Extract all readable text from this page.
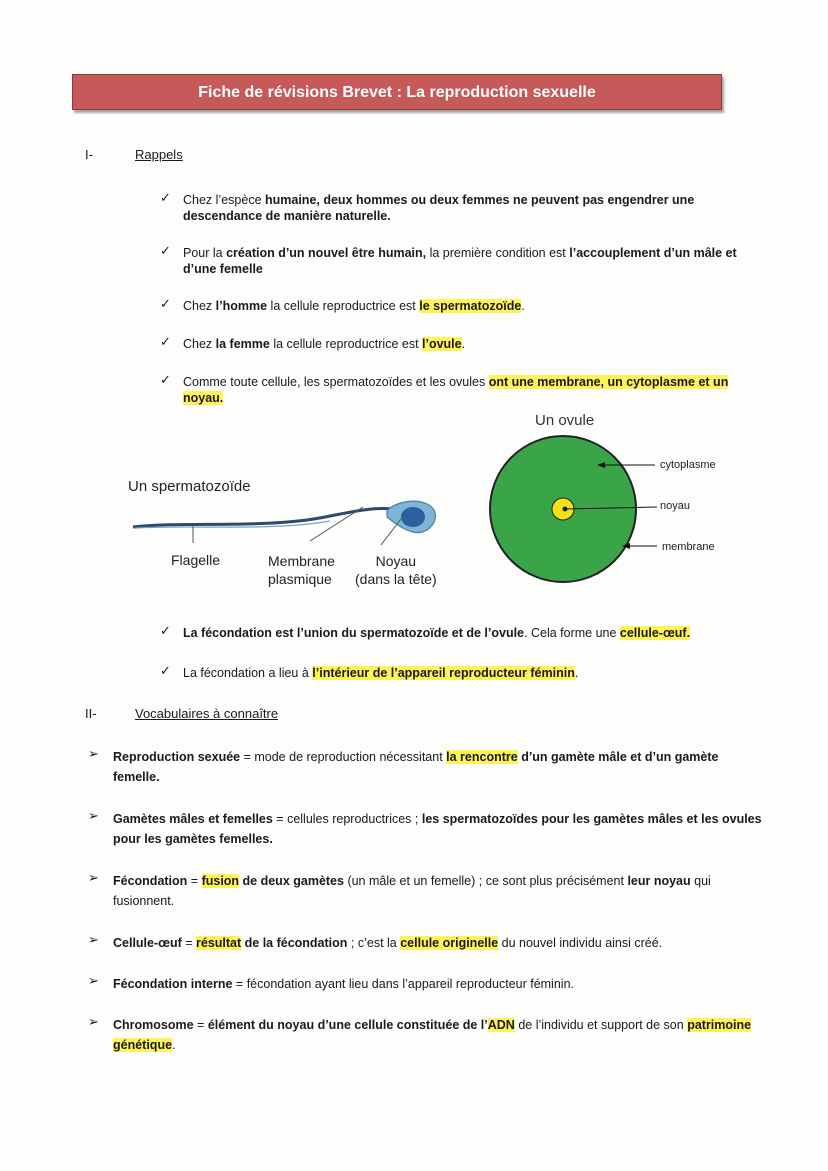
Fiche de révisions Brevet : La reproduction sexuelle
I-	Rappels
✓ Chez l’espèce humaine, deux hommes ou deux femmes ne peuvent pas engendrer une descendance de manière naturelle.
✓ Pour la création d’un nouvel être humain, la première condition est l’accouplement d’un mâle et d’une femelle
✓ Chez l’homme la cellule reproductrice est le spermatozoïde.
✓ Chez la femme la cellule reproductrice est l’ovule.
✓ Comme toute cellule, les spermatozoïdes et les ovules ont une membrane, un cytoplasme et un noyau.
Un spermatozoïde
Flagelle	Membrane
plasmique
Noyau
(dans la tête)
Un ovule
cytoplasme
noyau
membrane
✓ La fécondation est l’union du spermatozoïde et de l’ovule. Cela forme une cellule-œuf.
✓ La fécondation a lieu à l’intérieur de l’appareil reproducteur féminin.
II-	Vocabulaires à connaître
➢ Reproduction sexuée = mode de reproduction nécessitant la rencontre d’un gamète mâle et d’un gamète femelle.
➢ Gamètes mâles et femelles = cellules reproductrices ; les spermatozoïdes pour les gamètes mâles et les ovules pour les gamètes femelles.
➢ Fécondation = fusion de deux gamètes (un mâle et un femelle) ; ce sont plus précisément leur noyau qui fusionnent.
➢ Cellule-œuf = résultat de la fécondation ; c’est la cellule originelle du nouvel individu ainsi créé.
➢ Fécondation interne = fécondation ayant lieu dans l’appareil reproducteur féminin.
➢ Chromosome = élément du noyau d’une cellule constituée de l’ADN de l’individu et support de son patrimoine génétique.
